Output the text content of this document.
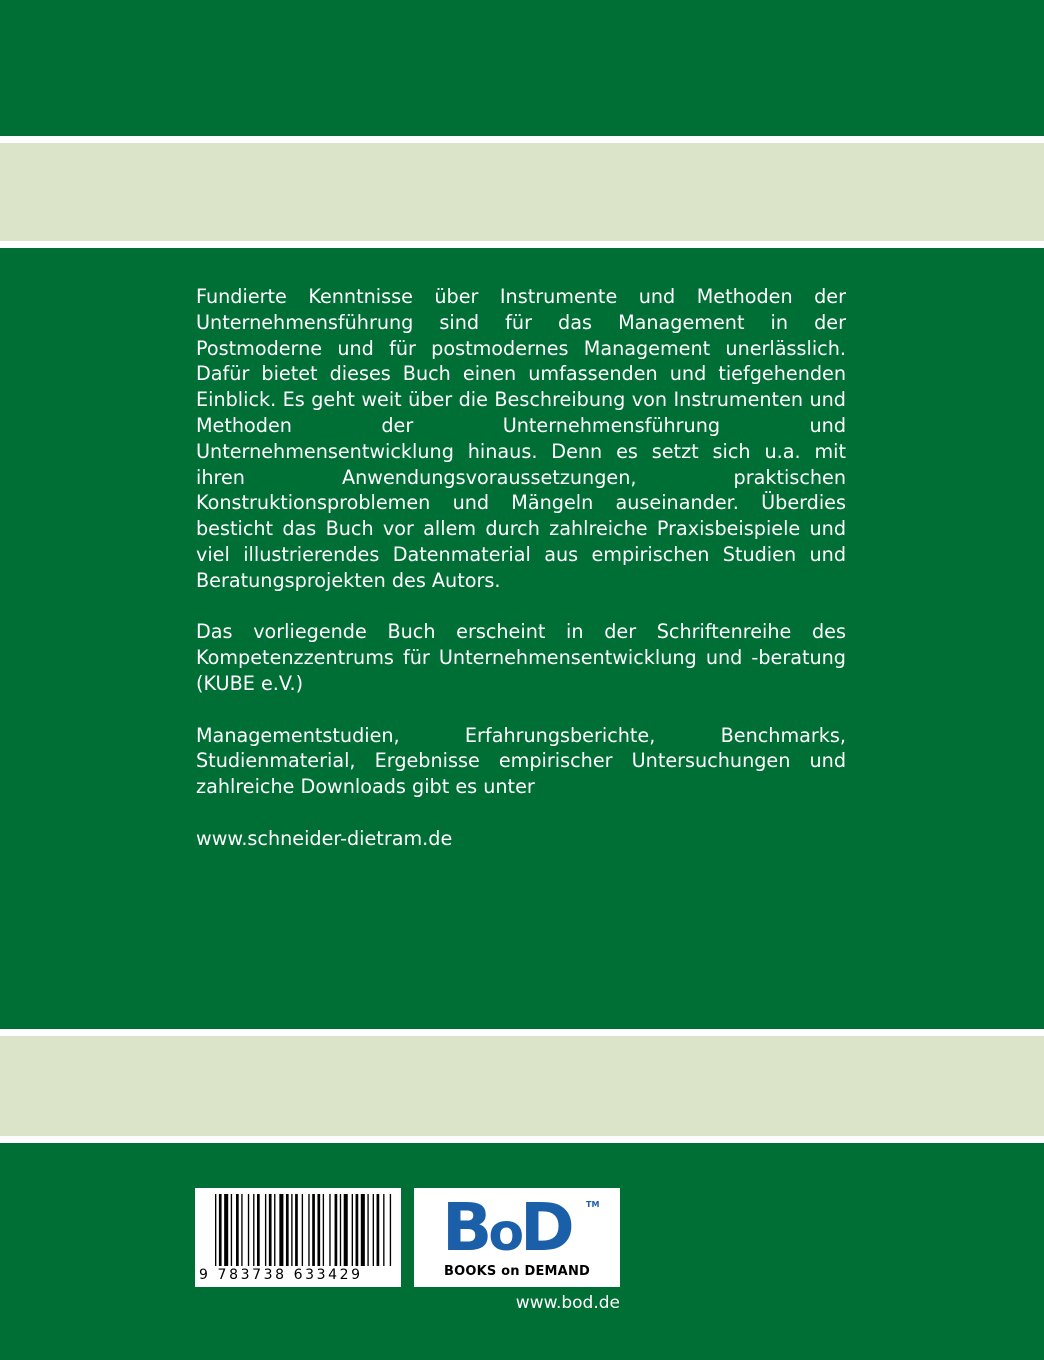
Fundierte Kenntnisse über Instrumente und Methoden der Unternehmensführung sind für das Management in der Postmoderne und für postmodernes Management unerlässlich. Dafür bietet dieses Buch einen umfassenden und tiefgehenden Einblick. Es geht weit über die Beschreibung von Instrumenten und Methoden der Unternehmensführung und Unternehmensentwicklung hinaus. Denn es setzt sich u.a. mit ihren Anwendungsvoraussetzungen, praktischen Konstruktionsproblemen und Mängeln auseinander. Überdies besticht das Buch vor allem durch zahlreiche Praxisbeispiele und viel illustrierendes Datenmaterial aus empirischen Studien und Beratungsprojekten des Autors.

Das vorliegende Buch erscheint in der Schriftenreihe des Kompetenzzentrums für Unternehmensentwicklung und -beratung (KUBE e.V.)

Managementstudien, Erfahrungsberichte, Benchmarks, Studienmaterial, Ergebnisse empirischer Untersuchungen und zahlreiche Downloads gibt es unter

www.schneider-dietram.de

9 783738 633429
BoD TM
BOOKS on DEMAND
www.bod.de
